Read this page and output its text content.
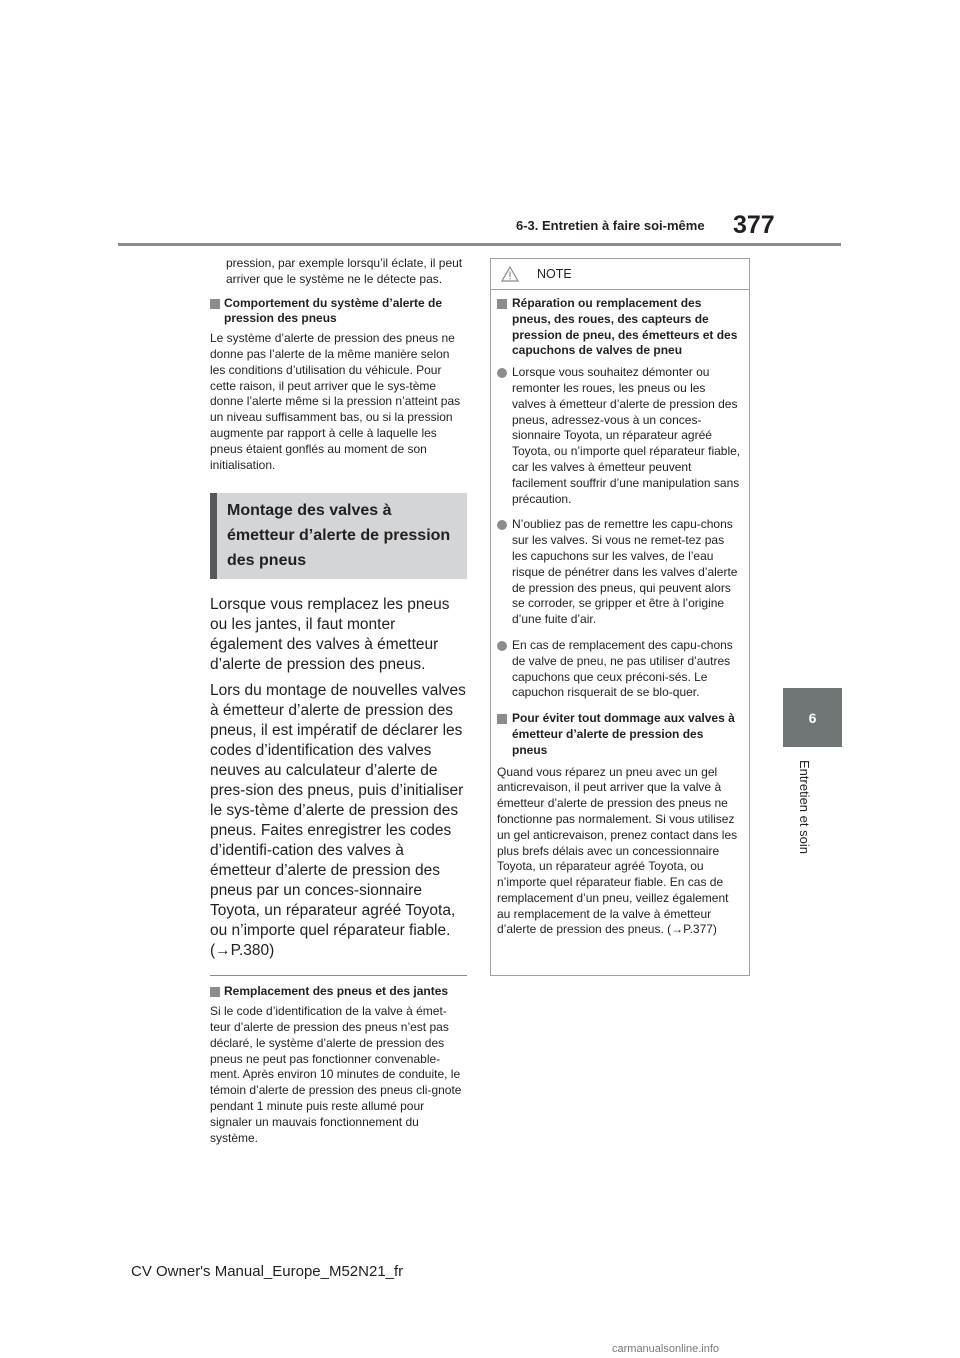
6-3. Entretien à faire soi-même 377
6
Entretien et soin

pression, par exemple lorsqu’il éclate, il peut arriver que le système ne le détecte pas.

Comportement du système d’alerte de pression des pneus

Le système d’alerte de pression des pneus ne donne pas l’alerte de la même manière selon les conditions d’utilisation du véhicule. Pour cette raison, il peut arriver que le sys-tème donne l’alerte même si la pression n’atteint pas un niveau suffisamment bas, ou si la pression augmente par rapport à celle à laquelle les pneus étaient gonflés au moment de son initialisation.

Montage des valves à émetteur d’alerte de pression des pneus

Lorsque vous remplacez les pneus ou les jantes, il faut monter également des valves à émetteur d’alerte de pression des pneus.

Lors du montage de nouvelles valves à émetteur d’alerte de pression des pneus, il est impératif de déclarer les codes d’identification des valves neuves au calculateur d’alerte de pres-sion des pneus, puis d’initialiser le sys-tème d’alerte de pression des pneus. Faites enregistrer les codes d’identifi-cation des valves à émetteur d’alerte de pression des pneus par un conces-sionnaire Toyota, un réparateur agréé Toyota, ou n’importe quel réparateur fiable. (→P.380)

Remplacement des pneus et des jantes

Si le code d’identification de la valve à émet-teur d’alerte de pression des pneus n’est pas déclaré, le système d’alerte de pression des pneus ne peut pas fonctionner convenable-ment. Après environ 10 minutes de conduite, le témoin d’alerte de pression des pneus cli-gnote pendant 1 minute puis reste allumé pour signaler un mauvais fonctionnement du système.

NOTE
Réparation ou remplacement des pneus, des roues, des capteurs de pression de pneu, des émetteurs et des capuchons de valves de pneu
Lorsque vous souhaitez démonter ou remonter les roues, les pneus ou les valves à émetteur d’alerte de pression des pneus, adressez-vous à un conces-sionnaire Toyota, un réparateur agréé Toyota, ou n’importe quel réparateur fiable, car les valves à émetteur peuvent facilement souffrir d’une manipulation sans précaution.
N’oubliez pas de remettre les capu-chons sur les valves. Si vous ne remet-tez pas les capuchons sur les valves, de l’eau risque de pénétrer dans les valves d’alerte de pression des pneus, qui peuvent alors se corroder, se gripper et être à l’origine d’une fuite d’air.
En cas de remplacement des capu-chons de valve de pneu, ne pas utiliser d’autres capuchons que ceux préconi-sés. Le capuchon risquerait de se blo-quer.
Pour éviter tout dommage aux valves à émetteur d’alerte de pression des pneus

Quand vous réparez un pneu avec un gel anticrevaison, il peut arriver que la valve à émetteur d’alerte de pression des pneus ne fonctionne pas normalement. Si vous utilisez un gel anticrevaison, prenez contact dans les plus brefs délais avec un concessionnaire Toyota, un réparateur agréé Toyota, ou n’importe quel réparateur fiable. En cas de remplacement d’un pneu, veillez également au remplacement de la valve à émetteur d’alerte de pression des pneus. (→P.377)

CV Owner's Manual_Europe_M52N21_fr
carmanualsonline.info
